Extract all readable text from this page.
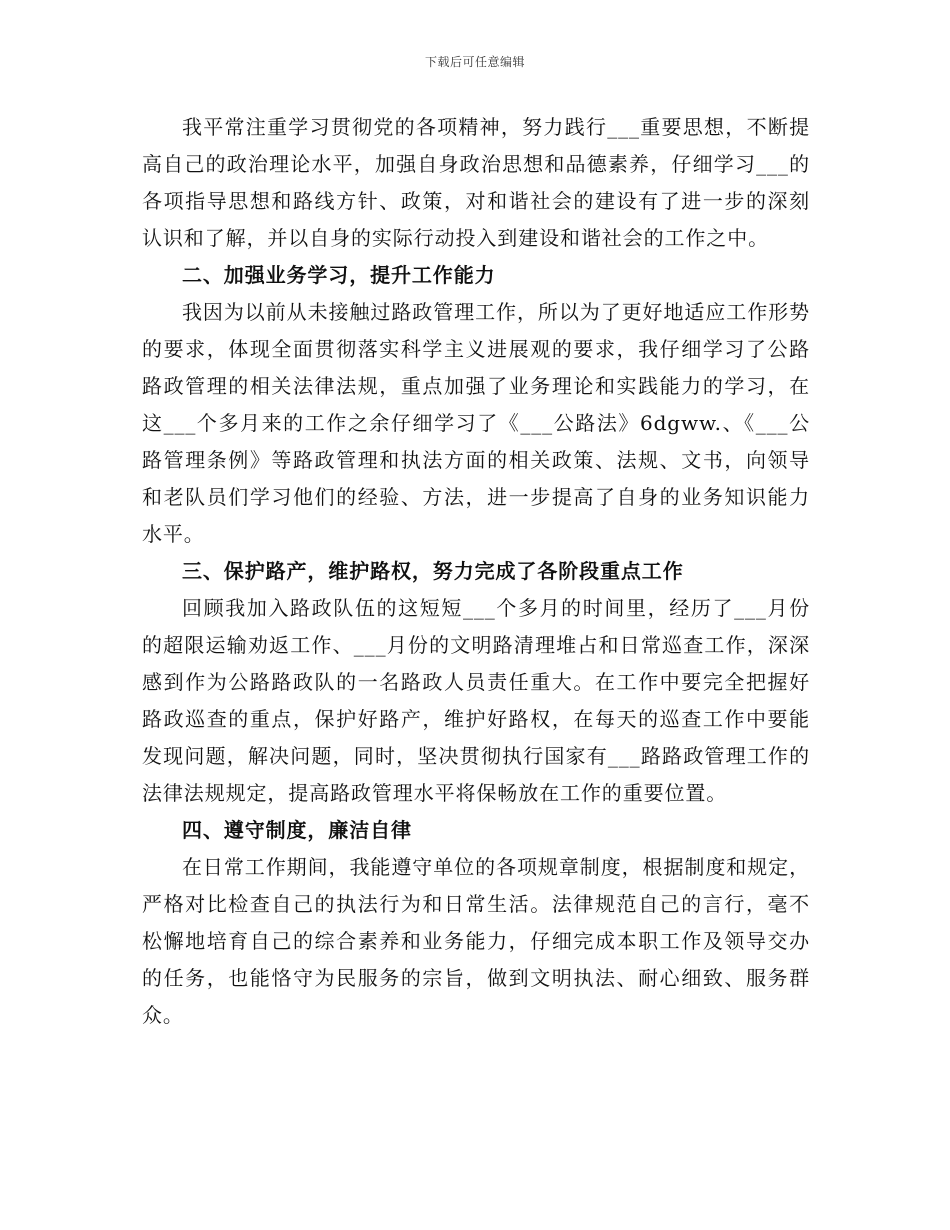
下载后可任意编辑

我平常注重学习贯彻党的各项精神，努力践行___重要思想，不断提高自己的政治理论水平，加强自身政治思想和品德素养，仔细学习___的各项指导思想和路线方针、政策，对和谐社会的建设有了进一步的深刻认识和了解，并以自身的实际行动投入到建设和谐社会的工作之中。

二、加强业务学习，提升工作能力

我因为以前从未接触过路政管理工作，所以为了更好地适应工作形势的要求，体现全面贯彻落实科学主义进展观的要求，我仔细学习了公路路政管理的相关法律法规，重点加强了业务理论和实践能力的学习，在这___个多月来的工作之余仔细学习了《___公路法》6dgww.、《___公路管理条例》等路政管理和执法方面的相关政策、法规、文书，向领导和老队员们学习他们的经验、方法，进一步提高了自身的业务知识能力水平。

三、保护路产，维护路权，努力完成了各阶段重点工作

回顾我加入路政队伍的这短短___个多月的时间里，经历了___月份的超限运输劝返工作、___月份的文明路清理堆占和日常巡查工作，深深感到作为公路路政队的一名路政人员责任重大。在工作中要完全把握好路政巡查的重点，保护好路产，维护好路权，在每天的巡查工作中要能发现问题，解决问题，同时，坚决贯彻执行国家有___路路政管理工作的法律法规规定，提高路政管理水平将保畅放在工作的重要位置。

四、遵守制度，廉洁自律

在日常工作期间，我能遵守单位的各项规章制度，根据制度和规定，严格对比检查自己的执法行为和日常生活。法律规范自己的言行，毫不松懈地培育自己的综合素养和业务能力，仔细完成本职工作及领导交办的任务，也能恪守为民服务的宗旨，做到文明执法、耐心细致、服务群众。
